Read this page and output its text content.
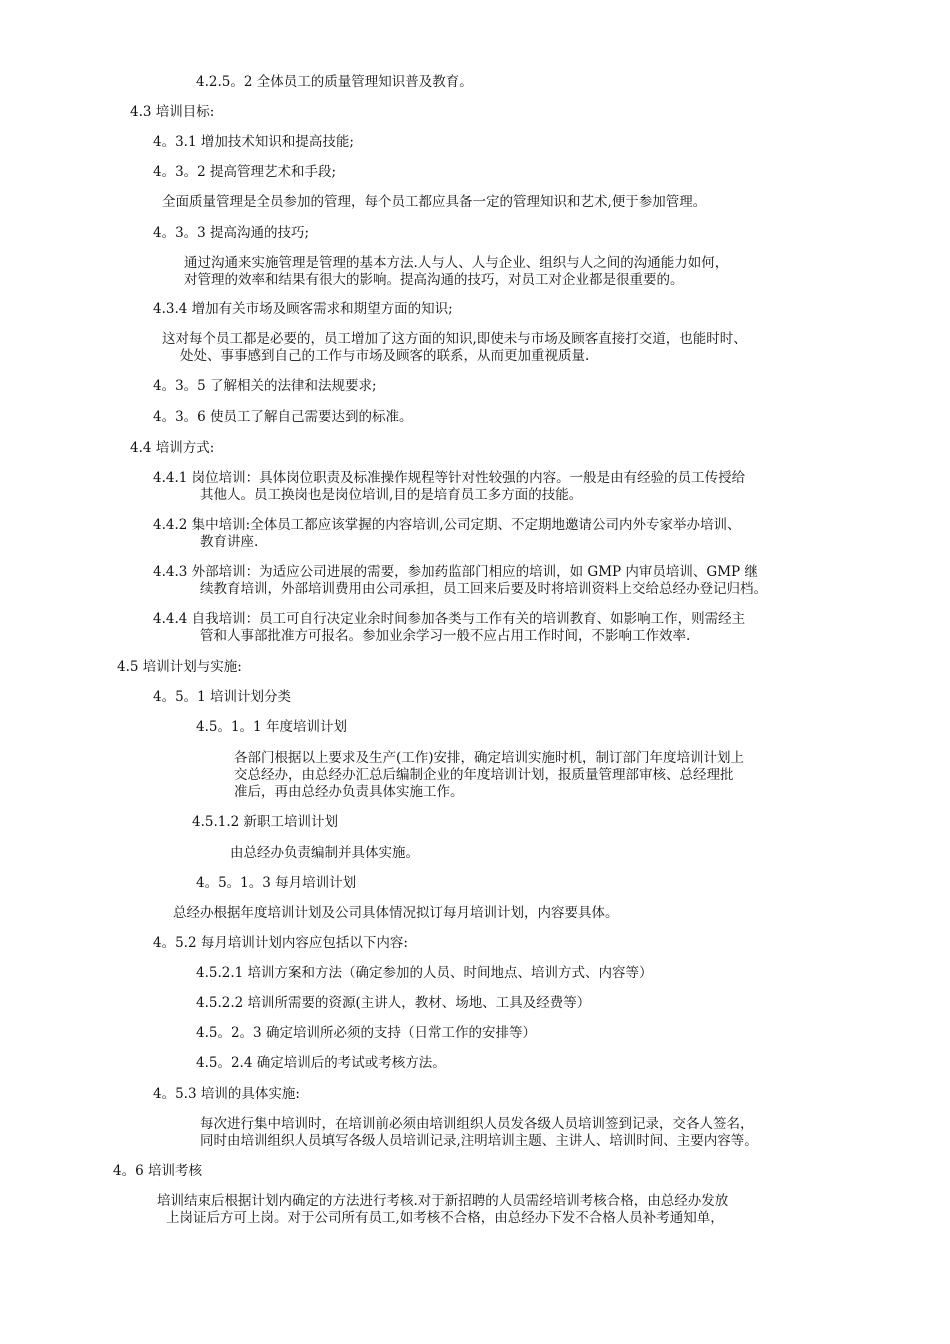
4.2.5。2 全体员工的质量管理知识普及教育。
4.3 培训目标:
4。3.1 增加技术知识和提高技能;
4。3。2 提高管理艺术和手段;
全面质量管理是全员参加的管理，每个员工都应具备一定的管理知识和艺术,便于参加管理。
4。3。3 提高沟通的技巧;
通过沟通来实施管理是管理的基本方法.人与人、人与企业、组织与人之间的沟通能力如何，
对管理的效率和结果有很大的影响。提高沟通的技巧，对员工对企业都是很重要的。
4.3.4 增加有关市场及顾客需求和期望方面的知识;
这对每个员工都是必要的，员工增加了这方面的知识,即使未与市场及顾客直接打交道，也能时时、
处处、事事感到自己的工作与市场及顾客的联系，从而更加重视质量.
4。3。5 了解相关的法律和法规要求;
4。3。6 使员工了解自己需要达到的标准。
4.4 培训方式:
4.4.1 岗位培训：具体岗位职责及标准操作规程等针对性较强的内容。一般是由有经验的员工传授给
其他人。员工换岗也是岗位培训,目的是培育员工多方面的技能。
4.4.2 集中培训:全体员工都应该掌握的内容培训,公司定期、不定期地邀请公司内外专家举办培训、
教育讲座.
4.4.3 外部培训：为适应公司进展的需要，参加药监部门相应的培训，如 GMP 内审员培训、GMP 继
续教育培训，外部培训费用由公司承担，员工回来后要及时将培训资料上交给总经办登记归档。
4.4.4 自我培训：员工可自行决定业余时间参加各类与工作有关的培训教育、如影响工作，则需经主
管和人事部批准方可报名。参加业余学习一般不应占用工作时间，不影响工作效率.
4.5 培训计划与实施:
4。5。1 培训计划分类
4.5。1。1 年度培训计划
各部门根据以上要求及生产(工作)安排，确定培训实施时机，制订部门年度培训计划上
交总经办，由总经办汇总后编制企业的年度培训计划，报质量管理部审核、总经理批
准后，再由总经办负责具体实施工作。
4.5.1.2 新职工培训计划
由总经办负责编制并具体实施。
4。5。1。3 每月培训计划
总经办根据年度培训计划及公司具体情况拟订每月培训计划，内容要具体。
4。5.2 每月培训计划内容应包括以下内容:
4.5.2.1 培训方案和方法（确定参加的人员、时间地点、培训方式、内容等）
4.5.2.2 培训所需要的资源(主讲人，教材、场地、工具及经费等）
4.5。2。3 确定培训所必须的支持（日常工作的安排等）
4.5。2.4 确定培训后的考试或考核方法。
4。5.3 培训的具体实施:
每次进行集中培训时，在培训前必须由培训组织人员发各级人员培训签到记录，交各人签名，
同时由培训组织人员填写各级人员培训记录,注明培训主题、主讲人、培训时间、主要内容等。
4。6 培训考核
培训结束后根据计划内确定的方法进行考核.对于新招聘的人员需经培训考核合格，由总经办发放
上岗证后方可上岗。对于公司所有员工,如考核不合格，由总经办下发不合格人员补考通知单，
